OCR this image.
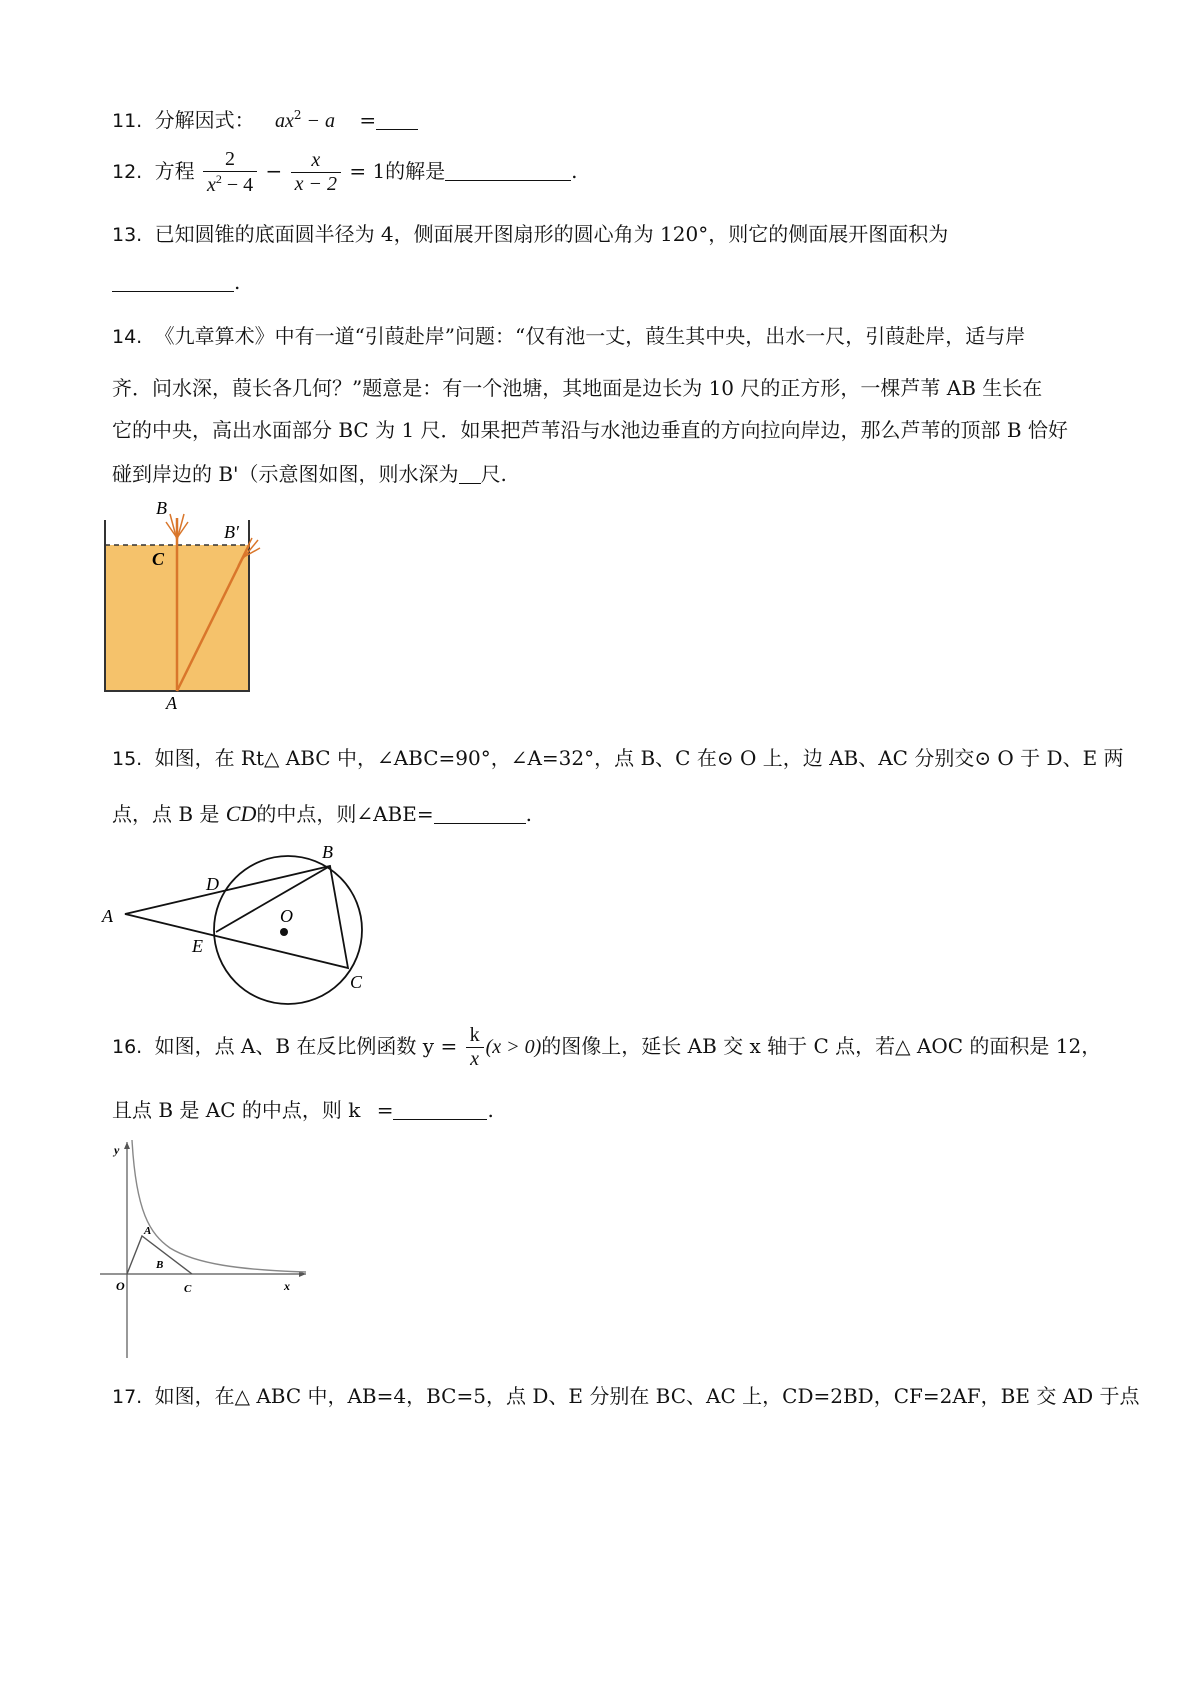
11. 分解因式： $ax^2 - a$ =
12. 方程 $\frac{2}{x^2 - 4} - \frac{x}{x - 2} = 1$的解是	.
13. 已知圆锥的底面圆半径为 4，侧面展开图扇形的圆心角为 120°，则它的侧面展开图面积为
.
14. 《九章算术》中有一道“引葭赴岸”问题：“仅有池一丈，葭生其中央，出水一尺，引葭赴岸，适与岸
齐．问水深，葭长各几何？”题意是：有一个池塘，其地面是边长为 10 尺的正方形，一棵芦苇 AB 生长在
它的中央，高出水面部分 BC 为 1 尺．如果把芦苇沿与水池边垂直的方向拉向岸边，那么芦苇的顶部 B 恰好
碰到岸边的 B'（示意图如图，则水深为 尺.
B
B′
C
A
15. 如图，在 Rt△ ABC 中，∠ABC=90°，∠A=32°，点 B、C 在⊙ O 上，边 AB、AC 分别交⊙ O 于 D、E 两
点，点 B 是 CD的中点，则∠ABE=	.
A
B
C
D
E
O
16. 如图，点 A、B 在反比例函数 $y = \frac{k}{x} (x > 0)$的图像上，延长 AB 交 x 轴于 C 点，若△ AOC 的面积是 12，
且点 B 是 AC 的中点，则 k =	.
y
x
O
A
B
C
17. 如图，在△ ABC 中，AB=4，BC=5，点 D、E 分别在 BC、AC 上，CD=2BD，CF=2AF，BE 交 AD 于点
